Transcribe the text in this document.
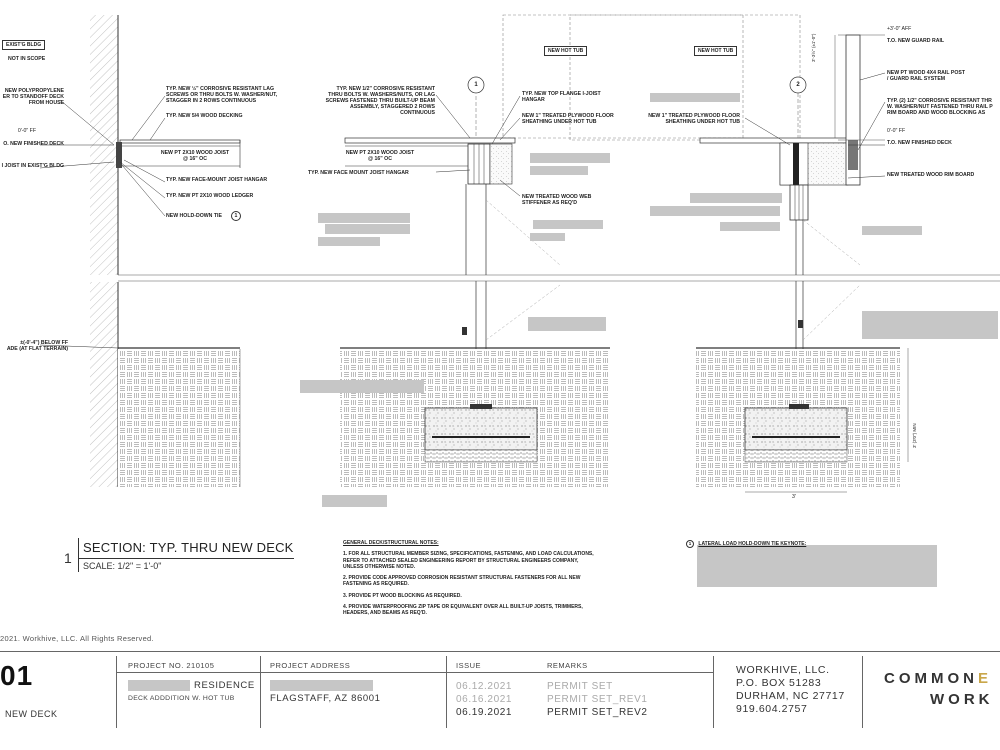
EXIST'G BLDG
NOT IN SCOPE
NEW POLYPROPYLENE
ER TO STANDOFF DECK
FROM HOUSE
0'-0" FF
O. NEW FINISHED DECK
I JOIST IN EXIST'G BLDG
±(-0'-4") BELOW FF
ADE (AT FLAT TERRAIN)
TYP. NEW ½" CORROSIVE RESISTANT LAG
SCREWS OR THRU BOLTS W. WASHER/NUT,
STAGGER IN 2 ROWS CONTINUOUS
TYP. NEW 5/4 WOOD DECKING
NEW PT 2X10 WOOD JOIST
@ 16" OC
TYP. NEW FACE-MOUNT JOIST HANGAR
TYP. NEW PT 2X10 WOOD LEDGER
NEW HOLD-DOWN TIE	1
NEW HOT TUB
1
TYP. NEW 1/2" CORROSIVE RESISTANT
THRU BOLTS W. WASHERS/NUTS, OR LAG
SCREWS FASTENED THRU BUILT-UP BEAM
ASSEMBLY, STAGGERED 2 ROWS
CONTINUOUS
TYP. NEW TOP FLANGE I-JOIST
HANGAR
NEW 1" TREATED PLYWOOD FLOOR
SHEATHING UNDER HOT TUB
NEW PT 2X10 WOOD JOIST
@ 16" OC
TYP. NEW FACE MOUNT JOIST HANGAR
NEW TREATED WOOD WEB
STIFFENER AS REQ'D
NEW HOT TUB
2
+3'-0" AFF
T.O. NEW GUARD RAIL
NEW PT WOOD 4X4 RAIL POST
/ GUARD RAIL SYSTEM
TYP. (2) 1/2" CORROSIVE RESISTANT THR
W. WASHER/NUT FASTENED THRU RAIL P
RIM BOARD AND WOOD BLOCKING AS
NEW 1" TREATED PLYWOOD FLOOR
SHEATHING UNDER HOT TUB
0'-0" FF
T.O. NEW FINISHED DECK
NEW TREATED WOOD RIM BOARD
3'-3½" (±1'-0")
3' (3'0") MIN
3'
1
SECTION: TYP. THRU NEW DECK
SCALE: 1/2" = 1'-0"
GENERAL DECK/STRUCTURAL NOTES:
1. FOR ALL STRUCTURAL MEMBER SIZING, SPECIFICATIONS, FASTENING, AND LOAD CALCULATIONS, REFER TO ATTACHED SEALED ENGINEERING REPORT BY STRUCTURAL ENGINEERS COMPANY, UNLESS OTHERWISE NOTED.
2. PROVIDE CODE APPROVED CORROSION RESISTANT STRUCTURAL FASTENERS FOR ALL NEW FASTENING AS REQUIRED.
3. PROVIDE PT WOOD BLOCKING AS REQUIRED.
4. PROVIDE WATERPROOFING ZIP TAPE OR EQUIVALENT OVER ALL BUILT-UP JOISTS, TRIMMERS, HEADERS, AND BEAMS AS REQ'D.
1 LATERAL LOAD HOLD-DOWN TIE KEYNOTE:
2021. Workhive, LLC. All Rights Reserved.
01
NEW DECK
PROJECT NO. 210105
RESIDENCE
DECK ADDDITION W. HOT TUB
PROJECT ADDRESS
FLAGSTAFF, AZ 86001
ISSUE	REMARKS
06.12.2021	PERMIT SET
06.16.2021	PERMIT SET_REV1
06.19.2021	PERMIT SET_REV2
WORKHIVE, LLC.
P.O. BOX 51283
DURHAM, NC 27717
919.604.2757
COMMONE
WORK
